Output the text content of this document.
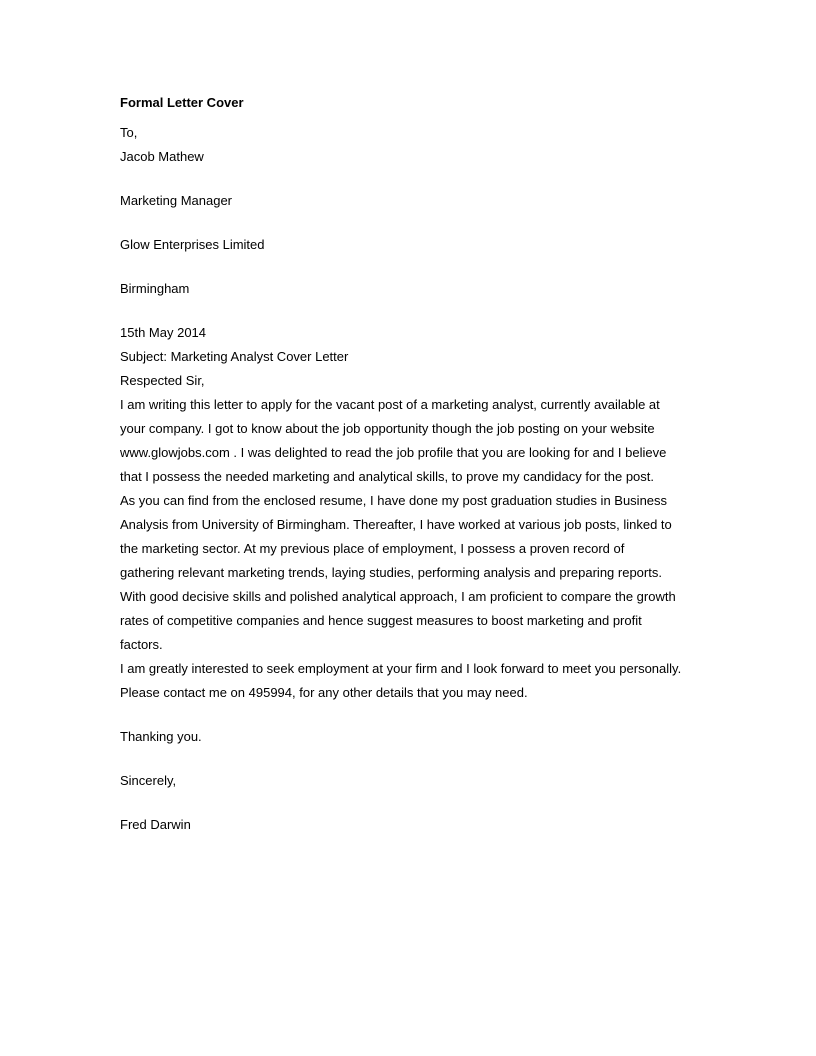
Formal Letter Cover
To,
Jacob Mathew
Marketing Manager
Glow Enterprises Limited
Birmingham
15th May 2014
Subject: Marketing Analyst Cover Letter
Respected Sir,
I am writing this letter to apply for the vacant post of a marketing analyst, currently available at
your company. I got to know about the job opportunity though the job posting on your website
www.glowjobs.com . I was delighted to read the job profile that you are looking for and I believe
that I possess the needed marketing and analytical skills, to prove my candidacy for the post.
As you can find from the enclosed resume, I have done my post graduation studies in Business
Analysis from University of Birmingham. Thereafter, I have worked at various job posts, linked to
the marketing sector. At my previous place of employment, I possess a proven record of
gathering relevant marketing trends, laying studies, performing analysis and preparing reports.
With good decisive skills and polished analytical approach, I am proficient to compare the growth
rates of competitive companies and hence suggest measures to boost marketing and profit
factors.
I am greatly interested to seek employment at your firm and I look forward to meet you personally.
Please contact me on 495994, for any other details that you may need.
Thanking you.
Sincerely,
Fred Darwin
